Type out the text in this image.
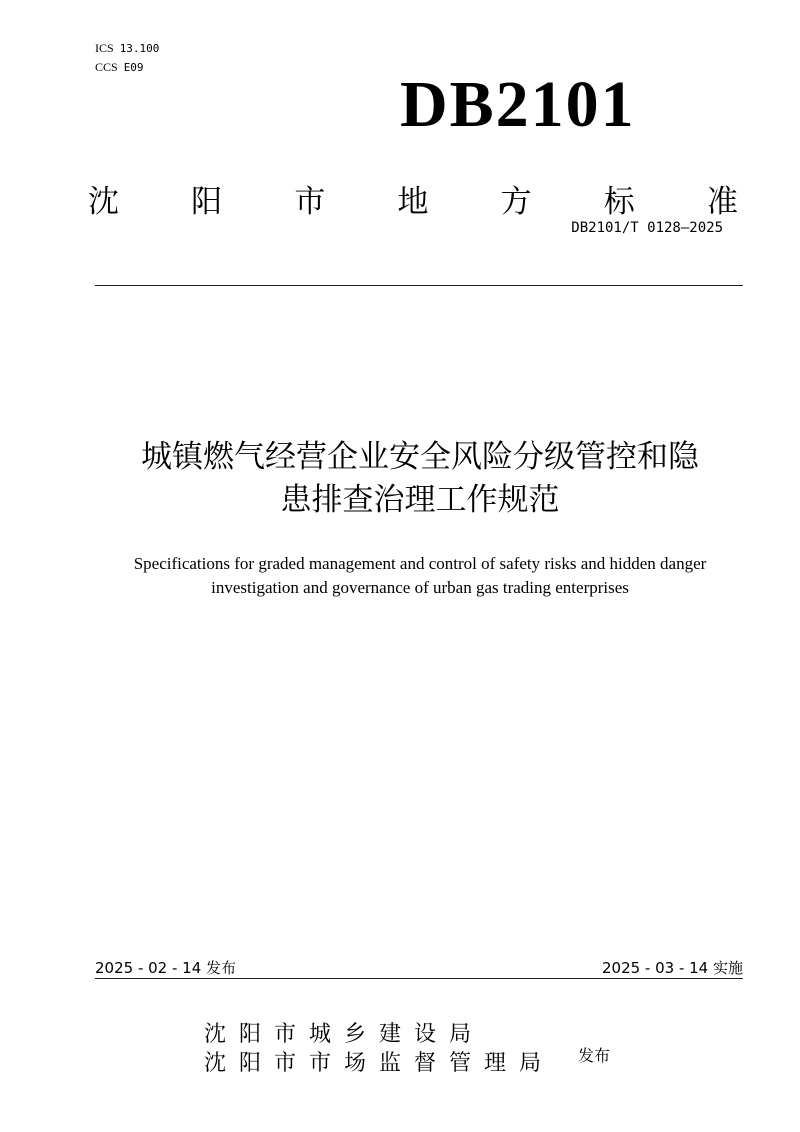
ICS 13.100
CCS E09
DB2101
沈 阳 市 地 方 标 准
DB2101/T 0128—2025
城镇燃气经营企业安全风险分级管控和隐
患排查治理工作规范
Specifications for graded management and control of safety risks and hidden danger
investigation and governance of urban gas trading enterprises
2025 - 02 - 14 发布	2025 - 03 - 14 实施
沈阳市城乡建设局
沈阳市市场监督管理局 发布
